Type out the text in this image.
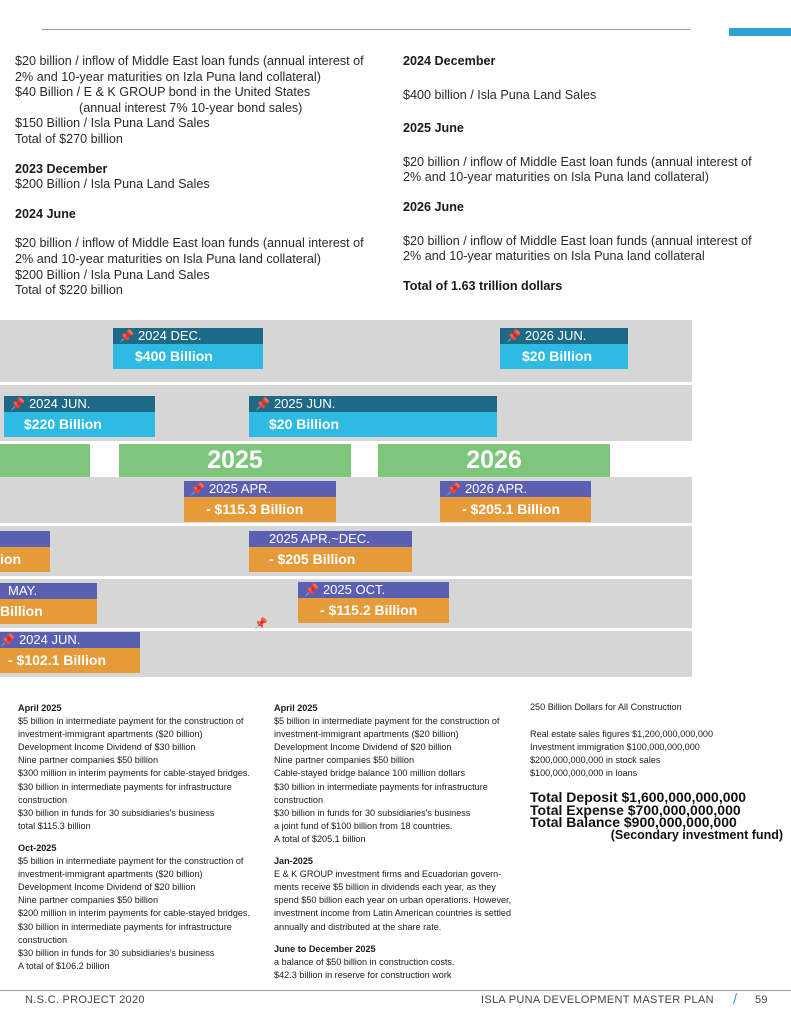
$20 billion / inflow of Middle East loan funds (annual interest of

2% and 10-year maturities on Izla Puna land collateral)

$40 Billion / E & K GROUP bond in the United States

(annual interest 7% 10-year bond sales)

$150 Billion / Isla Puna Land Sales

Total of $270 billion

2023 December

$200 Billion / Isla Puna Land Sales

2024 June

$20 billion / inflow of Middle East loan funds (annual interest of

2% and 10-year maturities on Isla Puna land collateral)

$200 Billion / Isla Puna Land Sales

Total of $220 billion

2024 December

$400 billion / Isla Puna Land Sales

2025 June

$20 billion / inflow of Middle East loan funds (annual interest of

2% and 10-year maturities on Isla Puna land collateral)

2026 June

$20 billion / inflow of Middle East loan funds (annual interest of

2% and 10-year maturities on Isla Puna land collateral

Total of 1.63 trillion dollars

2025	2026
📌 2024 DEC.
$400 Billion
📌 2026 JUN.
$20 Billion
📌 2024 JUN.
$220 Billion
📌 2025 JUN.
$20 Billion
📌 2025 APR.
- $115.3 Billion
📌 2026 APR.
- $205.1 Billion
ion
2025 APR.~DEC.
- $205 Billion
MAY.
Billion
📌 2025 OCT.
- $115.2 Billion
📌 2024 JUN.
- $102.1 Billion
📌

April 2025

$5 billion in intermediate payment for the construction of

investment-immigrant apartments ($20 billion)

Development Income Dividend of $30 billion

Nine partner companies $50 billion

$300 million in interim payments for cable-stayed bridges.

$30 billion in intermediate payments for infrastructure

construction

$30 billion in funds for 30 subsidiaries's business

total $115.3 billion

Oct-2025

$5 billion in intermediate payment for the construction of

investment-immigrant apartments ($20 billion)

Development Income Dividend of $20 billion

Nine partner companies $50 billion

$200 million in interim payments for cable-stayed bridges.

$30 billion in intermediate payments for infrastructure

construction

$30 billion in funds for 30 subsidiaries's business

A total of $106.2 billion

April 2025

$5 billion in intermediate payment for the construction of

investment-immigrant apartments ($20 billion)

Development Income Dividend of $20 billion

Nine partner companies $50 billion

Cable-stayed bridge balance 100 million dollars

$30 billion in intermediate payments for infrastructure

construction

$30 billion in funds for 30 subsidiaries's business

a joint fund of $100 billion from 18 countries.

A total of $205.1 billion

Jan-2025

E & K GROUP investment firms and Ecuadorian govern-

ments receive $5 billion in dividends each year, as they

spend $50 billion each year on urban operations. However,

investment income from Latin American countries is settled

annually and distributed at the share rate.

June to December 2025

a balance of $50 billion in construction costs.

$42.3 billion in reserve for construction work

250 Billion Dollars for All Construction

Real estate sales figures $1,200,000,000,000

Investment immigration $100,000,000,000

$200,000,000,000 in stock sales

$100,000,000,000 in loans

Total Deposit $1,600,000,000,000
Total Expense $700,000,000,000
Total Balance $900,000,000,000
(Secondary investment fund)
N.S.C. PROJECT 2020	ISLA PUNA DEVELOPMENT MASTER PLAN / 59
